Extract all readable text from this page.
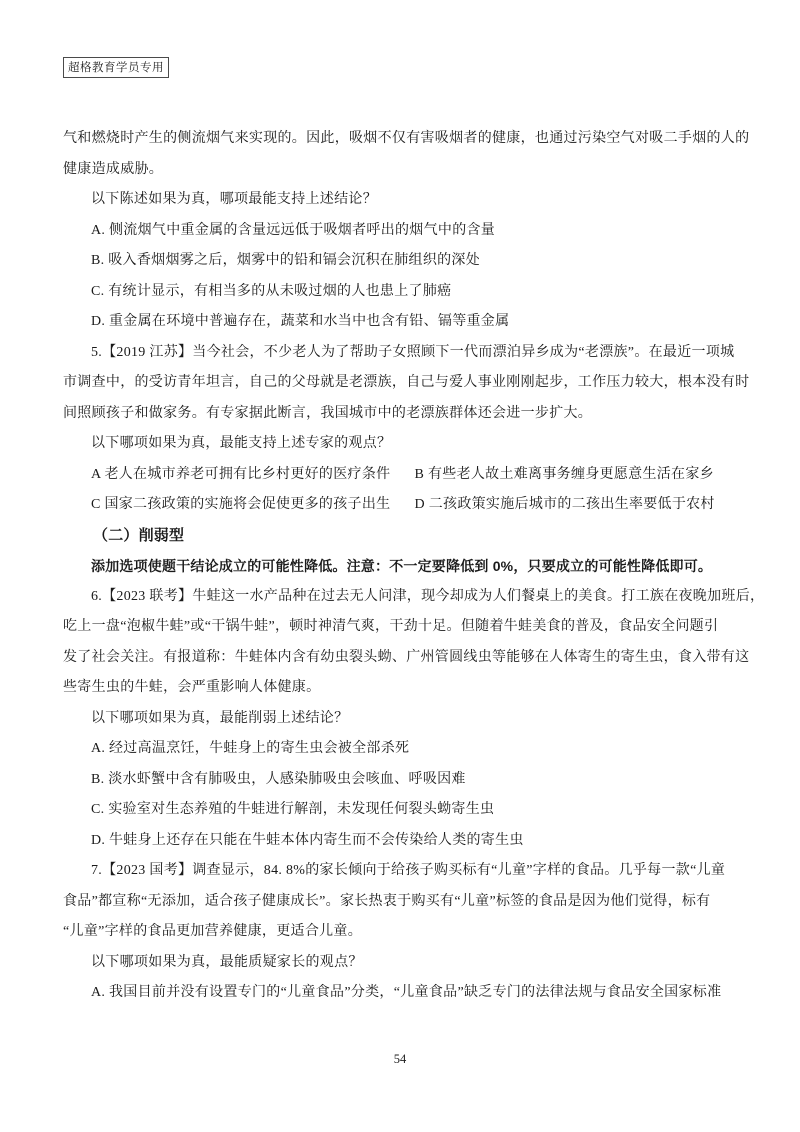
超格教育学员专用
气和燃烧时产生的侧流烟气来实现的。因此，吸烟不仅有害吸烟者的健康，也通过污染空气对吸二手烟的人的
健康造成威胁。
以下陈述如果为真，哪项最能支持上述结论？
A. 侧流烟气中重金属的含量远远低于吸烟者呼出的烟气中的含量
B. 吸入香烟烟雾之后，烟雾中的铅和镉会沉积在肺组织的深处
C. 有统计显示，有相当多的从未吸过烟的人也患上了肺癌
D. 重金属在环境中普遍存在，蔬菜和水当中也含有铅、镉等重金属
5.【2019 江苏】当今社会，不少老人为了帮助子女照顾下一代而漂泊异乡成为“老漂族”。在最近一项城
市调查中，的受访青年坦言，自己的父母就是老漂族，自己与爱人事业刚刚起步，工作压力较大，根本没有时
间照顾孩子和做家务。有专家据此断言，我国城市中的老漂族群体还会进一步扩大。
以下哪项如果为真，最能支持上述专家的观点？
A 老人在城市养老可拥有比乡村更好的医疗条件	B 有些老人故土难离事务缠身更愿意生活在家乡
C 国家二孩政策的实施将会促使更多的孩子出生	D 二孩政策实施后城市的二孩出生率要低于农村
（二）削弱型
添加选项使题干结论成立的可能性降低。注意：不一定要降低到 0%，只要成立的可能性降低即可。
6.【2023 联考】牛蛙这一水产品种在过去无人问津，现今却成为人们餐桌上的美食。打工族在夜晚加班后，
吃上一盘“泡椒牛蛙”或“干锅牛蛙”，顿时神清气爽，干劲十足。但随着牛蛙美食的普及，食品安全问题引
发了社会关注。有报道称：牛蛙体内含有幼虫裂头蚴、广州管圆线虫等能够在人体寄生的寄生虫，食入带有这
些寄生虫的牛蛙，会严重影响人体健康。
以下哪项如果为真，最能削弱上述结论？
A. 经过高温烹饪，牛蛙身上的寄生虫会被全部杀死
B. 淡水虾蟹中含有肺吸虫，人感染肺吸虫会咳血、呼吸因难
C. 实验室对生态养殖的牛蛙进行解剖，未发现任何裂头蚴寄生虫
D. 牛蛙身上还存在只能在牛蛙本体内寄生而不会传染给人类的寄生虫
7.【2023 国考】调查显示，84. 8%的家长倾向于给孩子购买标有“儿童”字样的食品。几乎每一款“儿童
食品”都宣称“无添加，适合孩子健康成长”。家长热衷于购买有“儿童”标签的食品是因为他们觉得，标有
“儿童”字样的食品更加营养健康，更适合儿童。
以下哪项如果为真，最能质疑家长的观点？
A. 我国目前并没有设置专门的“儿童食品”分类，“儿童食品”缺乏专门的法律法规与食品安全国家标准
54
